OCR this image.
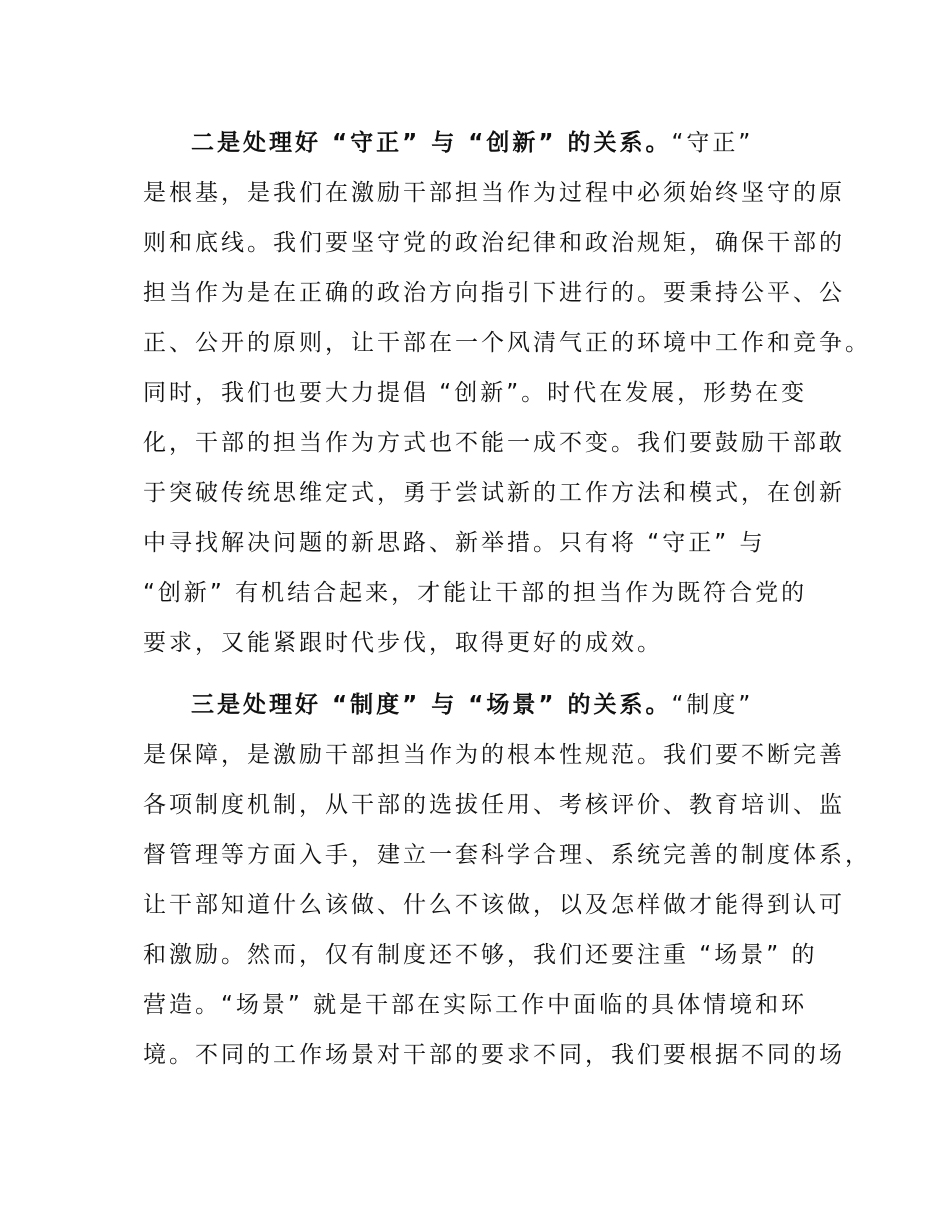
二是处理好 “守正” 与 “创新” 的关系。“守正”
是根基，是我们在激励干部担当作为过程中必须始终坚守的原
则和底线。我们要坚守党的政治纪律和政治规矩，确保干部的
担当作为是在正确的政治方向指引下进行的。要秉持公平、公
正、公开的原则，让干部在一个风清气正的环境中工作和竞争。
同时，我们也要大力提倡 “创新”。时代在发展，形势在变
化，干部的担当作为方式也不能一成不变。我们要鼓励干部敢
于突破传统思维定式，勇于尝试新的工作方法和模式，在创新
中寻找解决问题的新思路、新举措。只有将 “守正” 与
“创新” 有机结合起来，才能让干部的担当作为既符合党的
要求，又能紧跟时代步伐，取得更好的成效。
三是处理好 “制度” 与 “场景” 的关系。“制度”
是保障，是激励干部担当作为的根本性规范。我们要不断完善
各项制度机制，从干部的选拔任用、考核评价、教育培训、监
督管理等方面入手，建立一套科学合理、系统完善的制度体系，
让干部知道什么该做、什么不该做，以及怎样做才能得到认可
和激励。然而，仅有制度还不够，我们还要注重 “场景” 的
营造。“场景” 就是干部在实际工作中面临的具体情境和环
境。不同的工作场景对干部的要求不同，我们要根据不同的场
